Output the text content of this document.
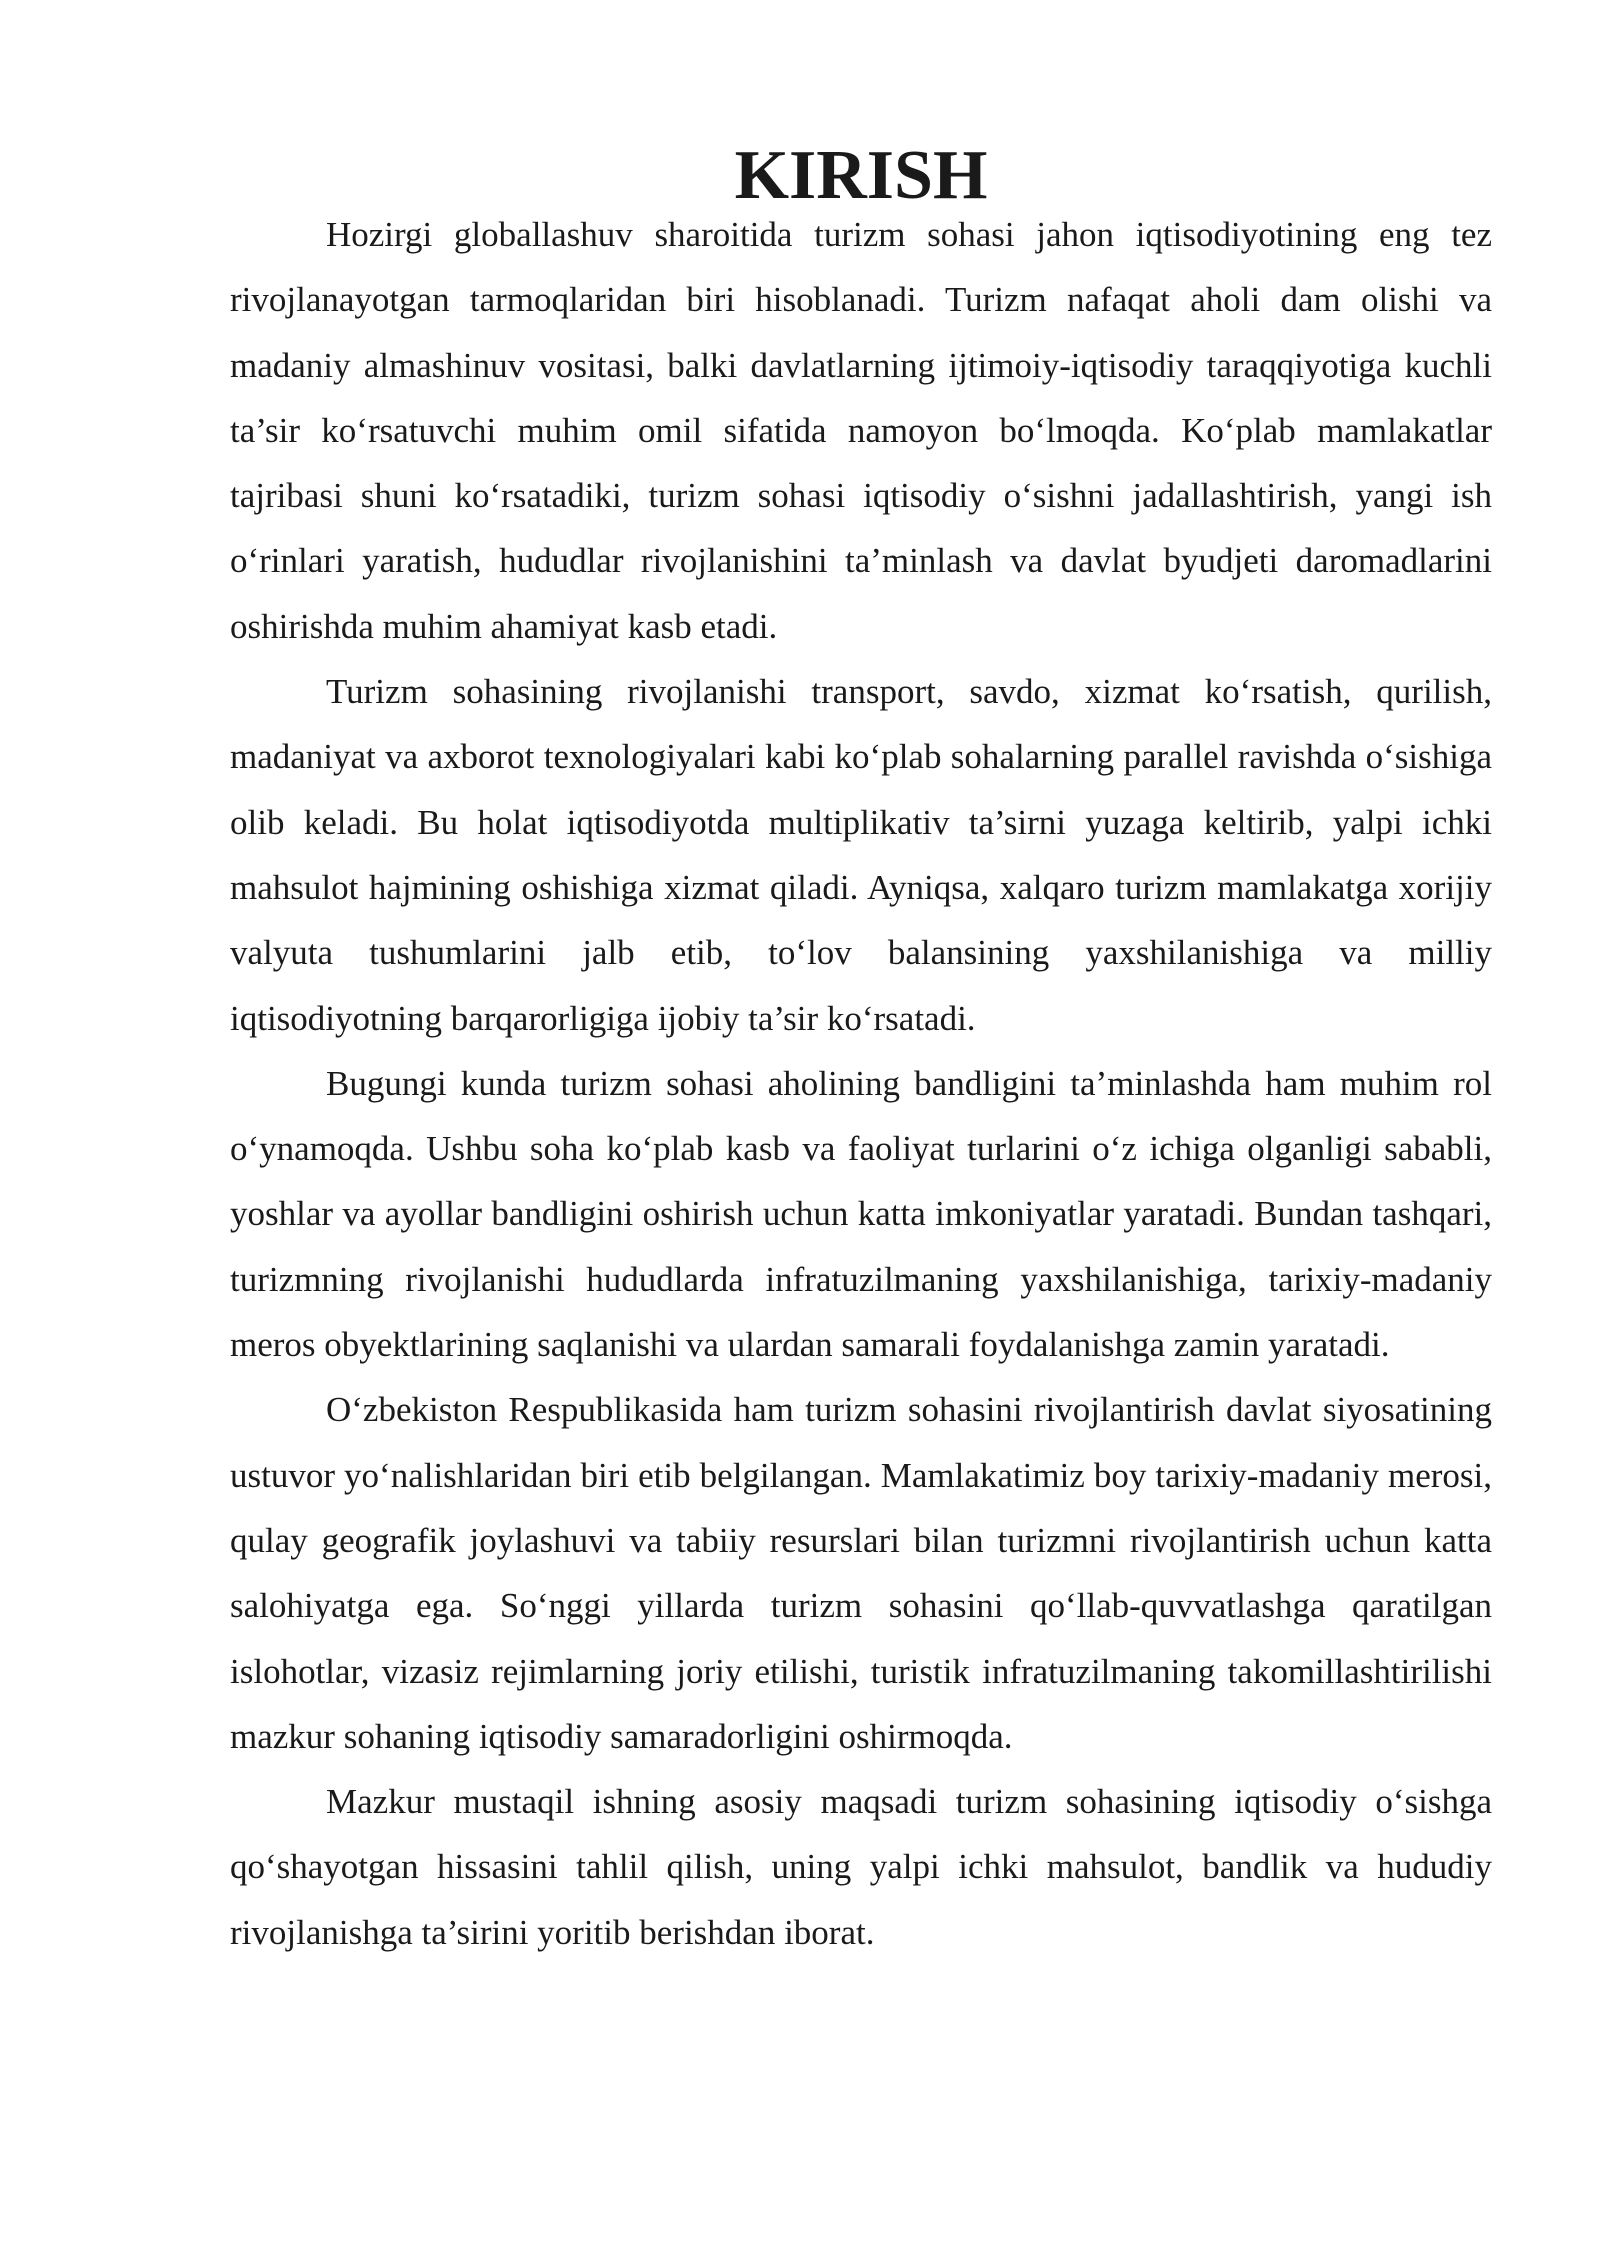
KIRISH

Hozirgi globallashuv sharoitida turizm sohasi jahon iqtisodiyotining eng tez rivojlanayotgan tarmoqlaridan biri hisoblanadi. Turizm nafaqat aholi dam olishi va madaniy almashinuv vositasi, balki davlatlarning ijtimoiy-iqtisodiy taraqqiyotiga kuchli ta’sir ko‘rsatuvchi muhim omil sifatida namoyon bo‘lmoqda. Ko‘plab mamlakatlar tajribasi shuni ko‘rsatadiki, turizm sohasi iqtisodiy o‘sishni jadallashtirish, yangi ish o‘rinlari yaratish, hududlar rivojlanishini ta’minlash va davlat byudjeti daromadlarini oshirishda muhim ahamiyat kasb etadi.

Turizm sohasining rivojlanishi transport, savdo, xizmat ko‘rsatish, qurilish, madaniyat va axborot texnologiyalari kabi ko‘plab sohalarning parallel ravishda o‘sishiga olib keladi. Bu holat iqtisodiyotda multiplikativ ta’sirni yuzaga keltirib, yalpi ichki mahsulot hajmining oshishiga xizmat qiladi. Ayniqsa, xalqaro turizm mamlakatga xorijiy valyuta tushumlarini jalb etib, to‘lov balansining yaxshilanishiga va milliy iqtisodiyotning barqarorligiga ijobiy ta’sir ko‘rsatadi.

Bugungi kunda turizm sohasi aholining bandligini ta’minlashda ham muhim rol o‘ynamoqda. Ushbu soha ko‘plab kasb va faoliyat turlarini o‘z ichiga olganligi sababli, yoshlar va ayollar bandligini oshirish uchun katta imkoniyatlar yaratadi. Bundan tashqari, turizmning rivojlanishi hududlarda infratuzilmaning yaxshilanishiga, tarixiy-madaniy meros obyektlarining saqlanishi va ulardan samarali foydalanishga zamin yaratadi.

O‘zbekiston Respublikasida ham turizm sohasini rivojlantirish davlat siyosatining ustuvor yo‘nalishlaridan biri etib belgilangan. Mamlakatimiz boy tarixiy-madaniy merosi, qulay geografik joylashuvi va tabiiy resurslari bilan turizmni rivojlantirish uchun katta salohiyatga ega. So‘nggi yillarda turizm sohasini qo‘llab-quvvatlashga qaratilgan islohotlar, vizasiz rejimlarning joriy etilishi, turistik infratuzilmaning takomillashtirilishi mazkur sohaning iqtisodiy samaradorligini oshirmoqda.

Mazkur mustaqil ishning asosiy maqsadi turizm sohasining iqtisodiy o‘sishga qo‘shayotgan hissasini tahlil qilish, uning yalpi ichki mahsulot, bandlik va hududiy rivojlanishga ta’sirini yoritib berishdan iborat.
